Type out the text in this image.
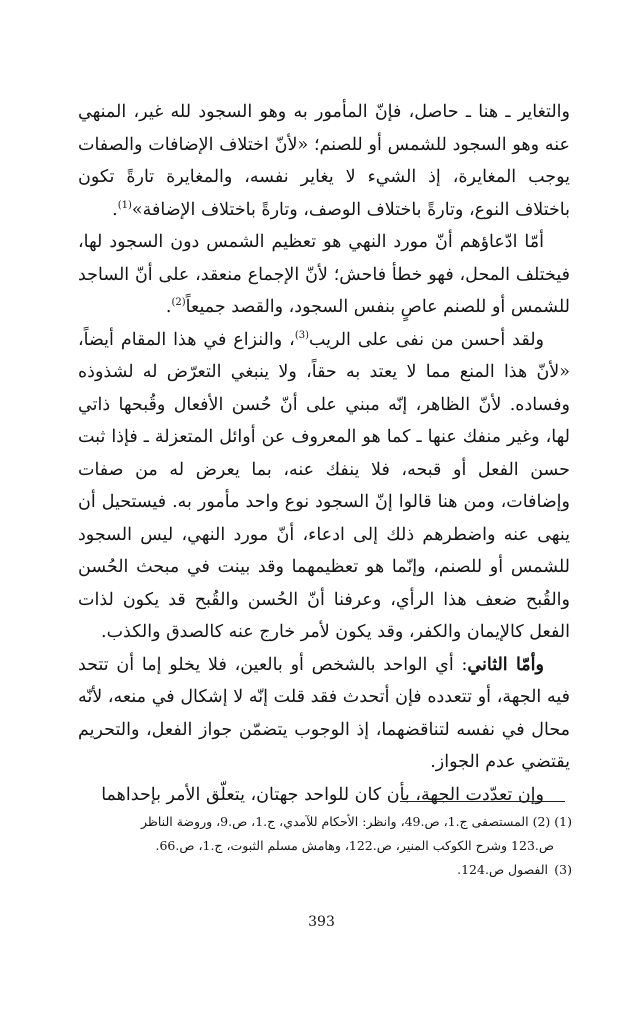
والتغاير ـ هنا ـ حاصل، فإنّ المأمور به وهو السجود لله غير، المنهي عنه وهو السجود للشمس أو للصنم؛ «لأنّ اختلاف الإضافات والصفات يوجب المغايرة، إذ الشيء لا يغاير نفسه، والمغايرة تارةً تكون باختلاف النوع، وتارةً باختلاف الوصف، وتارةً باختلاف الإضافة»$^{(1)}$.

أمّا ادّعاؤهم أنّ مورد النهي هو تعظيم الشمس دون السجود لها، فيختلف المحل، فهو خطأ فاحش؛ لأنّ الإجماع منعقد، على أنّ الساجد للشمس أو للصنم عاصٍ بنفس السجود، والقصد جميعاً$^{(2)}$.

ولقد أحسن من نفى على الريب$^{(3)}$، والنزاع في هذا المقام أيضاً، «لأنّ هذا المنع مما لا يعتد به حقاً، ولا ينبغي التعرّض له لشذوذه وفساده. لأنّ الظاهر، إنّه مبني على أنّ حُسن الأفعال وقُبحها ذاتي لها، وغير منفك عنها ـ كما هو المعروف عن أوائل المتعزلة ـ فإذا ثبت حسن الفعل أو قبحه، فلا ينفك عنه، بما يعرض له من صفات وإضافات، ومن هنا قالوا إنّ السجود نوع واحد مأمور به. فيستحيل أن ينهى عنه واضطرهم ذلك إلى ادعاء، أنّ مورد النهي، ليس السجود للشمس أو للصنم، وإنّما هو تعظيمهما وقد بينت في مبحث الحُسن والقُبح ضعف هذا الرأي، وعرفنا أنّ الحُسن والقُبح قد يكون لذات الفعل كالإيمان والكفر، وقد يكون لأمر خارج عنه كالصدق والكذب.

وأمّا الثاني: أي الواحد بالشخص أو بالعين، فلا يخلو إما أن تتحد فيه الجهة، أو تتعدده فإن أتحدث فقد قلت إنّه لا إشكال في منعه، لأنّه محال في نفسه لتناقضهما، إذ الوجوب يتضمّن جواز الفعل، والتحريم يقتضي عدم الجواز.

وإن تعدّدت الجهة، بأن كان للواحد جهتان، يتعلّق الأمر بإحداهما

(1) (2) المستصفى ج.1، ص.49، وانظر: الأحكام للآمدي، ج.1، ص.9، وروضة الناظر

ص.123 وشرح الكوكب المنير، ص.122، وهامش مسلم الثبوت، ج.1، ص.66.

(3) الفصول ص.124.

393
